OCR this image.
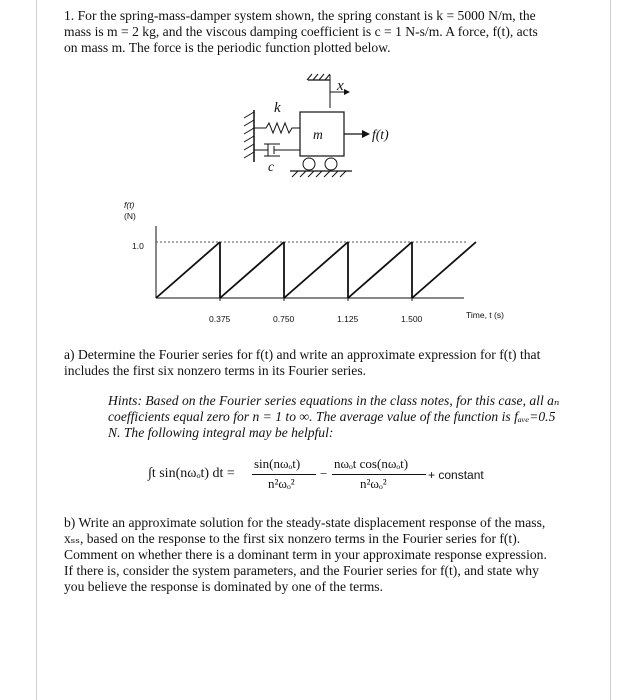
1. For the spring-mass-damper system shown, the spring constant is k = 5000 N/m, the
mass is m = 2 kg, and the viscous damping coefficient is c = 1 N-s/m. A force, f(t), acts
on mass m. The force is the periodic function plotted below.
x
k
c
m	f(t)
f(t)
(N)
1.0
0.375	0.750	1.125	1.500	Time, t (s)
a) Determine the Fourier series for f(t) and write an approximate expression for f(t) that
includes the first six nonzero terms in its Fourier series.
Hints: Based on the Fourier series equations in the class notes, for this case, all aₙ
coefficients equal zero for n = 1 to ∞. The average value of the function is fₐᵥₑ=0.5
N. The following integral may be helpful:
∫t sin(nωₒt) dt =
sin(nωₒt)
n²ωₒ²
−
nωₒt cos(nωₒt)
n²ωₒ²
+ constant
b) Write an approximate solution for the steady-state displacement response of the mass,
xₛₛ, based on the response to the first six nonzero terms in the Fourier series for f(t).
Comment on whether there is a dominant term in your approximate response expression.
If there is, consider the system parameters, and the Fourier series for f(t), and state why
you believe the response is dominated by one of the terms.
